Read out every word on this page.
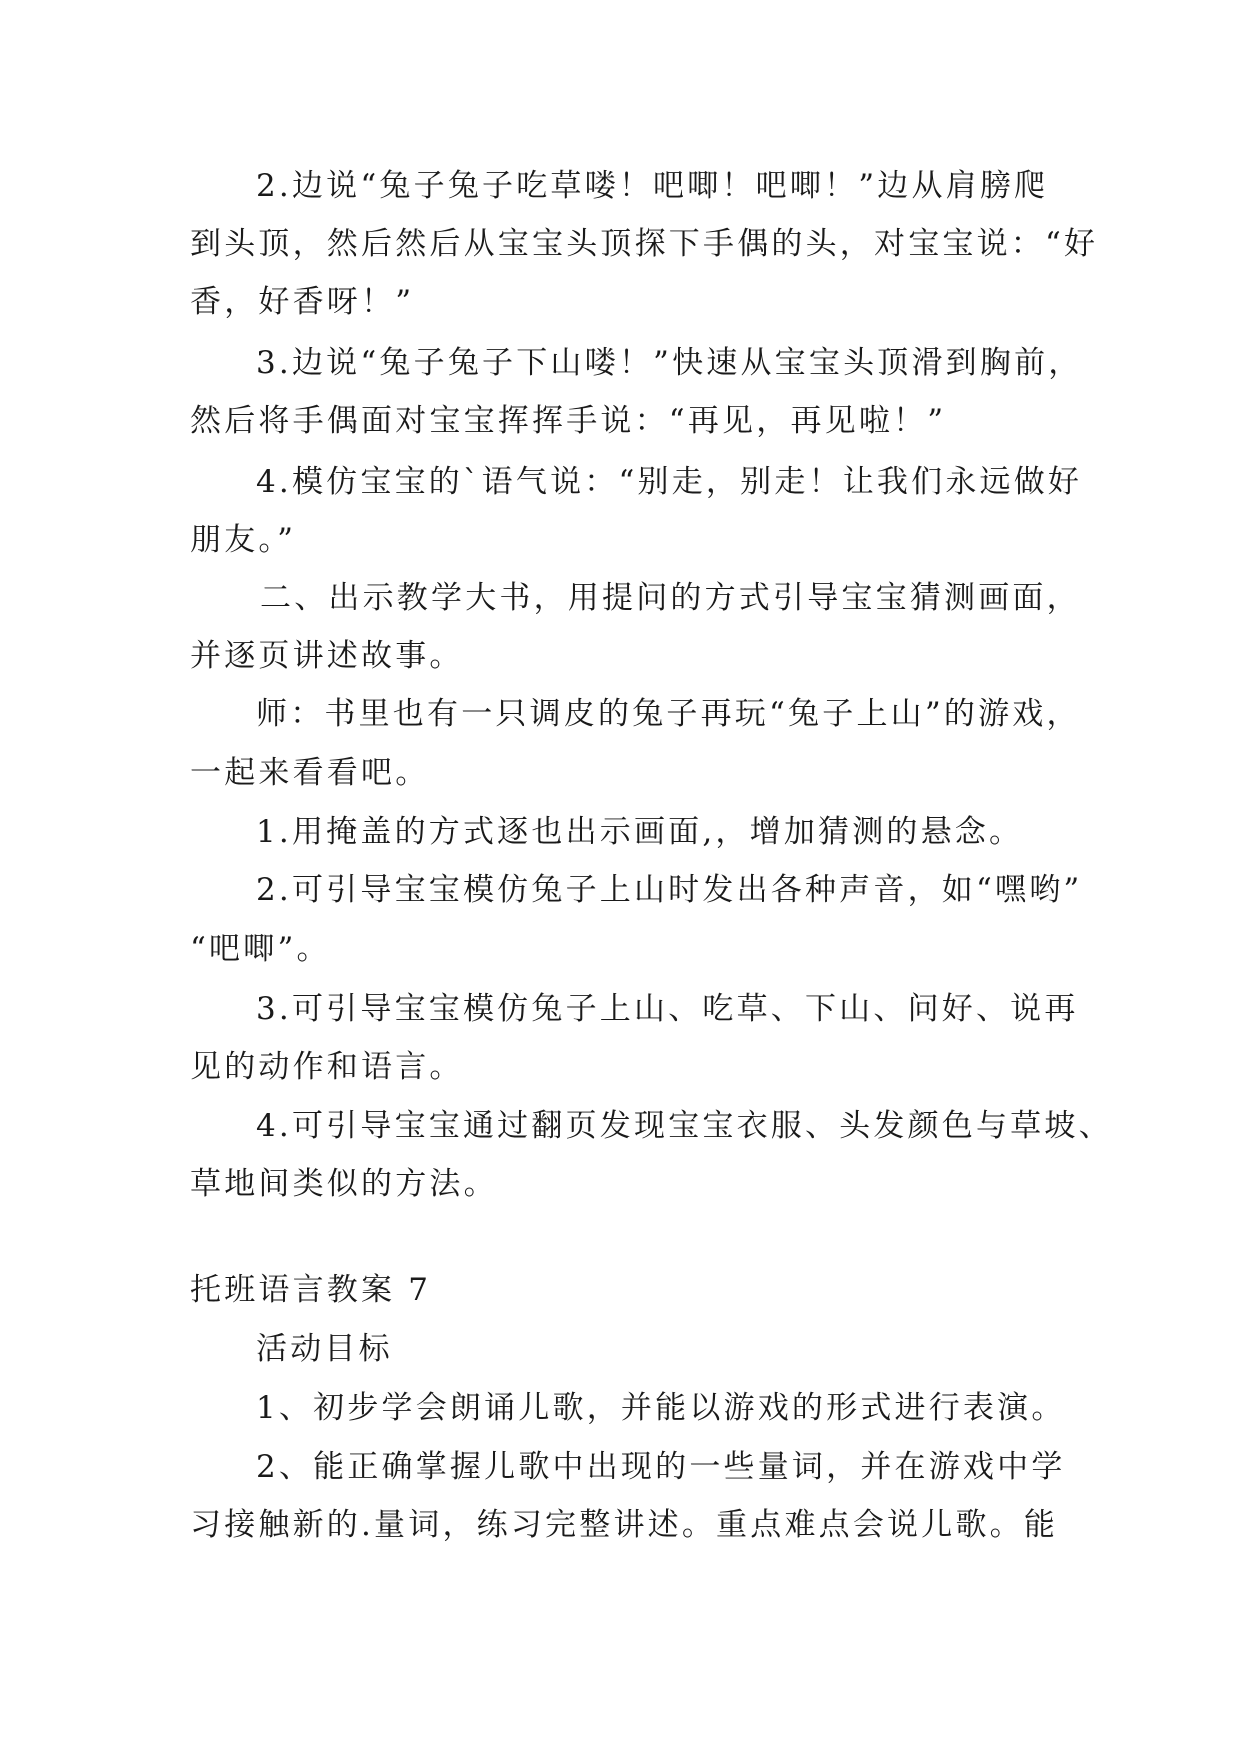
2.边说“兔子兔子吃草喽！吧唧！吧唧！”边从肩膀爬
到头顶，然后然后从宝宝头顶探下手偶的头，对宝宝说：“好
香，好香呀！”
3.边说“兔子兔子下山喽！”快速从宝宝头顶滑到胸前，
然后将手偶面对宝宝挥挥手说：“再见，再见啦！”
4.模仿宝宝的`语气说：“别走，别走！让我们永远做好
朋友。”
二、出示教学大书，用提问的方式引导宝宝猜测画面，
并逐页讲述故事。
师：书里也有一只调皮的兔子再玩“兔子上山”的游戏，
一起来看看吧。
1.用掩盖的方式逐也出示画面,，增加猜测的悬念。
2.可引导宝宝模仿兔子上山时发出各种声音，如“嘿哟”
“吧唧”。
3.可引导宝宝模仿兔子上山、吃草、下山、问好、说再
见的动作和语言。
4.可引导宝宝通过翻页发现宝宝衣服、头发颜色与草坡、
草地间类似的方法。
托班语言教案 7
活动目标
1、初步学会朗诵儿歌，并能以游戏的形式进行表演。
2、能正确掌握儿歌中出现的一些量词，并在游戏中学
习接触新的.量词，练习完整讲述。重点难点会说儿歌。能
